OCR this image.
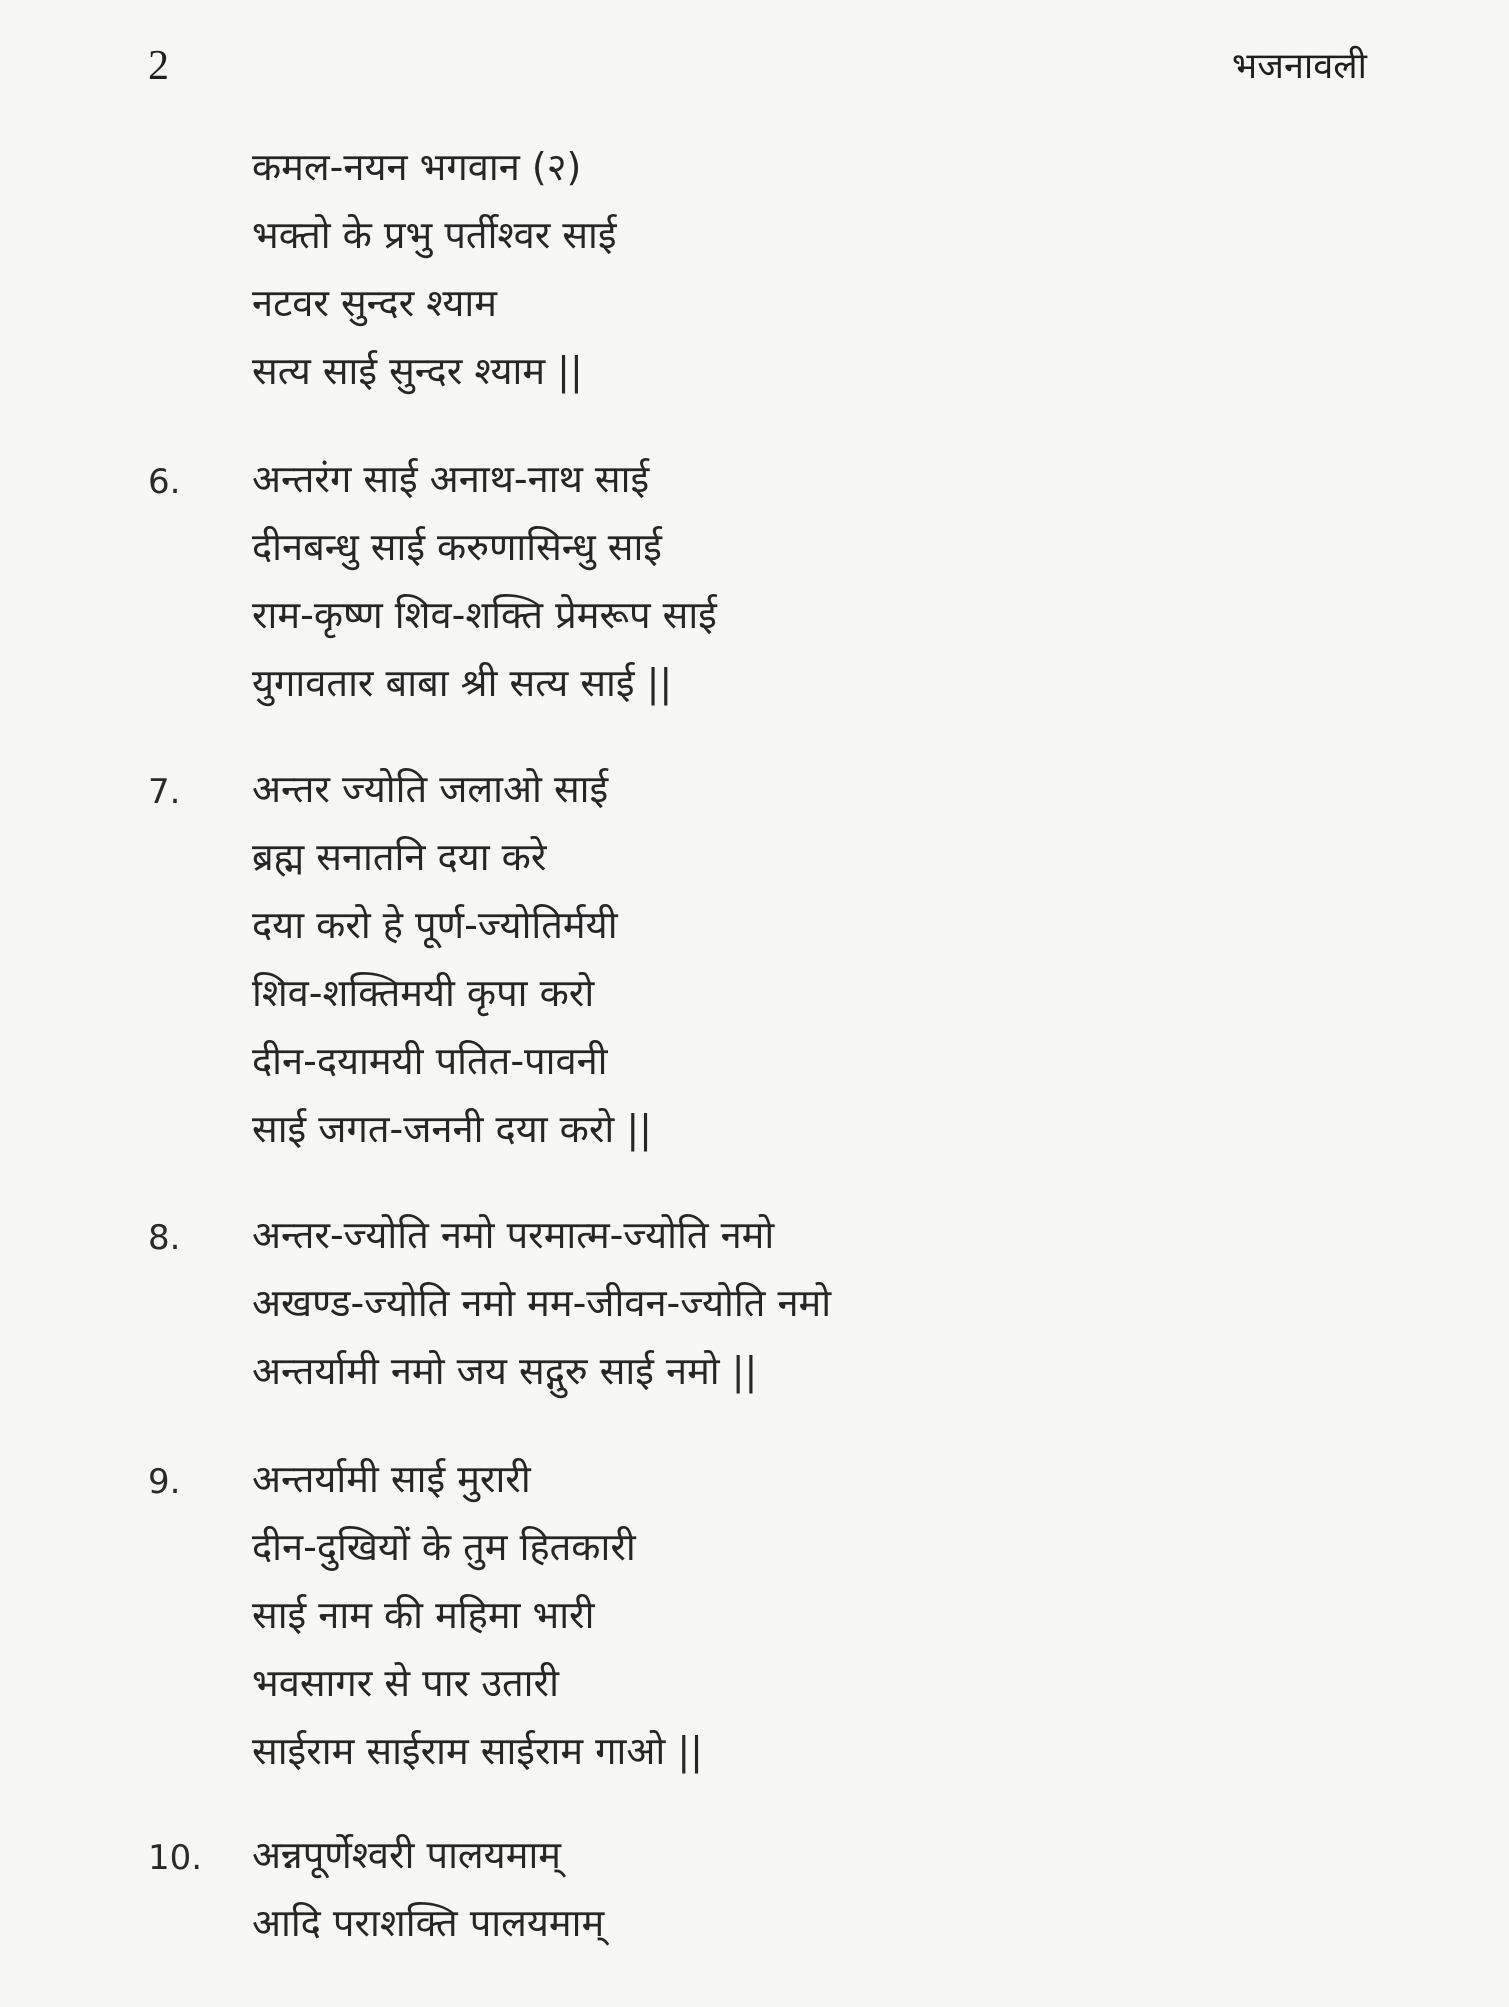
2	भजनावली
कमल-नयन भगवान (२)
भक्तो के प्रभु पर्तीश्वर साई
नटवर सुन्दर श्याम
सत्य साई सुन्दर श्याम ||
6. अन्तरंग साई अनाथ-नाथ साई
दीनबन्धु साई करुणासिन्धु साई
राम-कृष्ण शिव-शक्ति प्रेमरूप साई
युगावतार बाबा श्री सत्य साई ||
7. अन्तर ज्योति जलाओ साई
ब्रह्म सनातनि दया करे
दया करो हे पूर्ण-ज्योतिर्मयी
शिव-शक्तिमयी कृपा करो
दीन-दयामयी पतित-पावनी
साई जगत-जननी दया करो ||
8. अन्तर-ज्योति नमो परमात्म-ज्योति नमो
अखण्ड-ज्योति नमो मम-जीवन-ज्योति नमो
अन्तर्यामी नमो जय सद्गुरु साई नमो ||
9. अन्तर्यामी साई मुरारी
दीन-दुखियों के तुम हितकारी
साई नाम की महिमा भारी
भवसागर से पार उतारी
साईराम साईराम साईराम गाओ ||
10. अन्नपूर्णेश्वरी पालयमाम्
आदि पराशक्ति पालयमाम्
